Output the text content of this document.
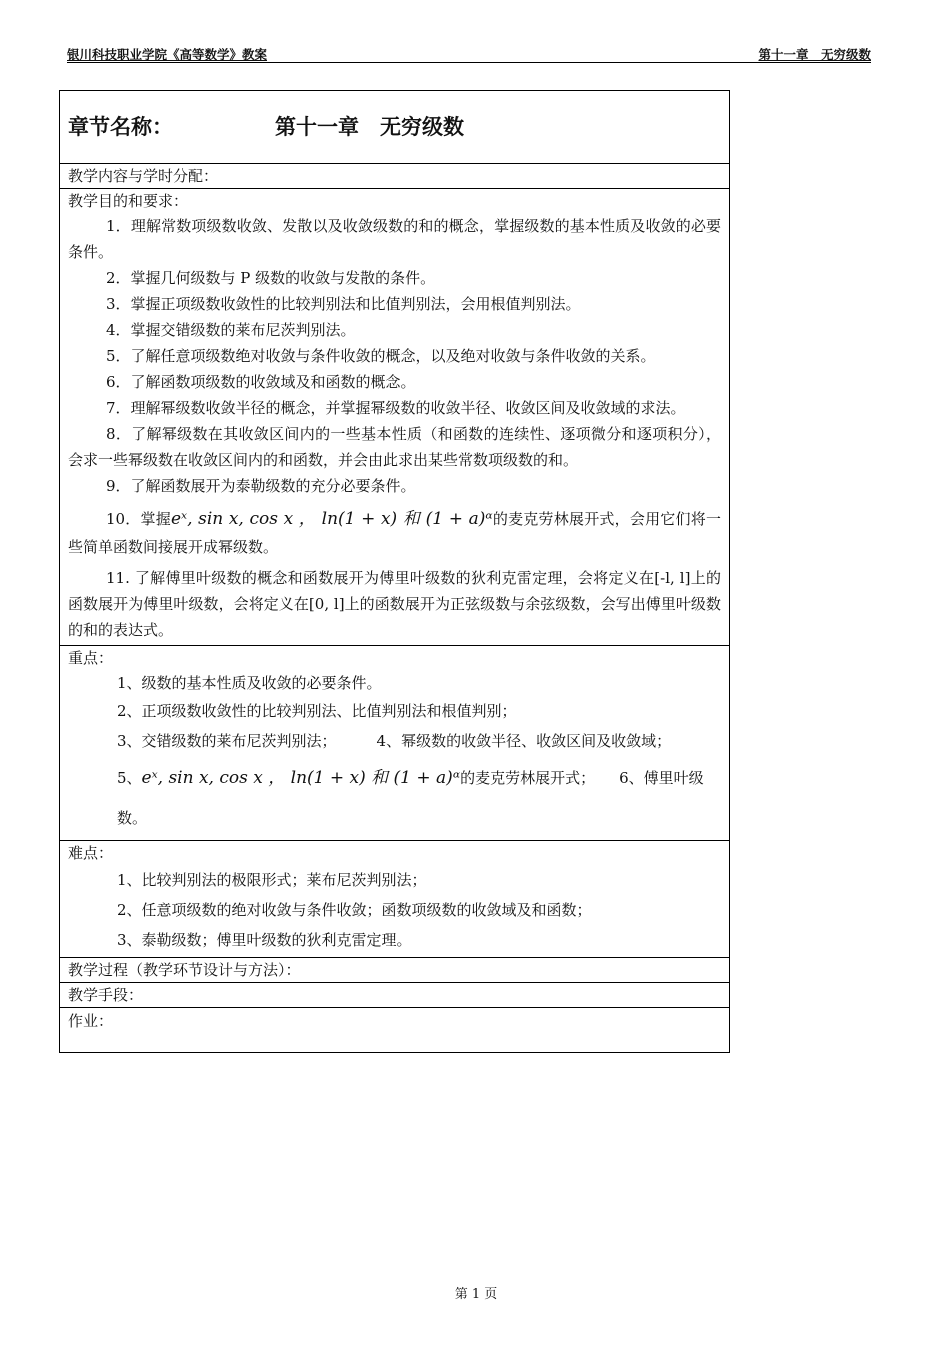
银川科技职业学院《高等数学》教案	第十一章　无穷级数
章节名称：	第十一章　无穷级数
教学内容与学时分配：

教学目的和要求：

1．理解常数项级数收敛、发散以及收敛级数的和的概念，掌握级数的基本性质及收敛的必要条件。

2．掌握几何级数与 P 级数的收敛与发散的条件。

3．掌握正项级数收敛性的比较判别法和比值判别法，会用根值判别法。

4．掌握交错级数的莱布尼茨判别法。

5．了解任意项级数绝对收敛与条件收敛的概念，以及绝对收敛与条件收敛的关系。

6．了解函数项级数的收敛域及和函数的概念。

7．理解幂级数收敛半径的概念，并掌握幂级数的收敛半径、收敛区间及收敛域的求法。

8．了解幂级数在其收敛区间内的一些基本性质（和函数的连续性、逐项微分和逐项积分），会求一些幂级数在收敛区间内的和函数，并会由此求出某些常数项级数的和。

9．了解函数展开为泰勒级数的充分必要条件。

10．掌握eˣ, sin x, cos x ， ln(1 + x) 和 (1 + a)ᵅ的麦克劳林展开式，会用它们将一些简单函数间接展开成幂级数。

11. 了解傅里叶级数的概念和函数展开为傅里叶级数的狄利克雷定理，会将定义在[-l, l]上的函数展开为傅里叶级数，会将定义在[0, l]上的函数展开为正弦级数与余弦级数，会写出傅里叶级数的和的表达式。

重点：

1、级数的基本性质及收敛的必要条件。

2、正项级数收敛性的比较判别法、比值判别法和根值判别；

3、交错级数的莱布尼茨判别法；	4、幂级数的收敛半径、收敛区间及收敛域；

5、eˣ, sin x, cos x ， ln(1 + x) 和 (1 + a)ᵅ的麦克劳林展开式； 6、傅里叶级数。

难点：

1、比较判别法的极限形式；莱布尼茨判别法；

2、任意项级数的绝对收敛与条件收敛；函数项级数的收敛域及和函数；

3、泰勒级数；傅里叶级数的狄利克雷定理。

教学过程（教学环节设计与方法）：
教学手段：
作业：
第 1 页
